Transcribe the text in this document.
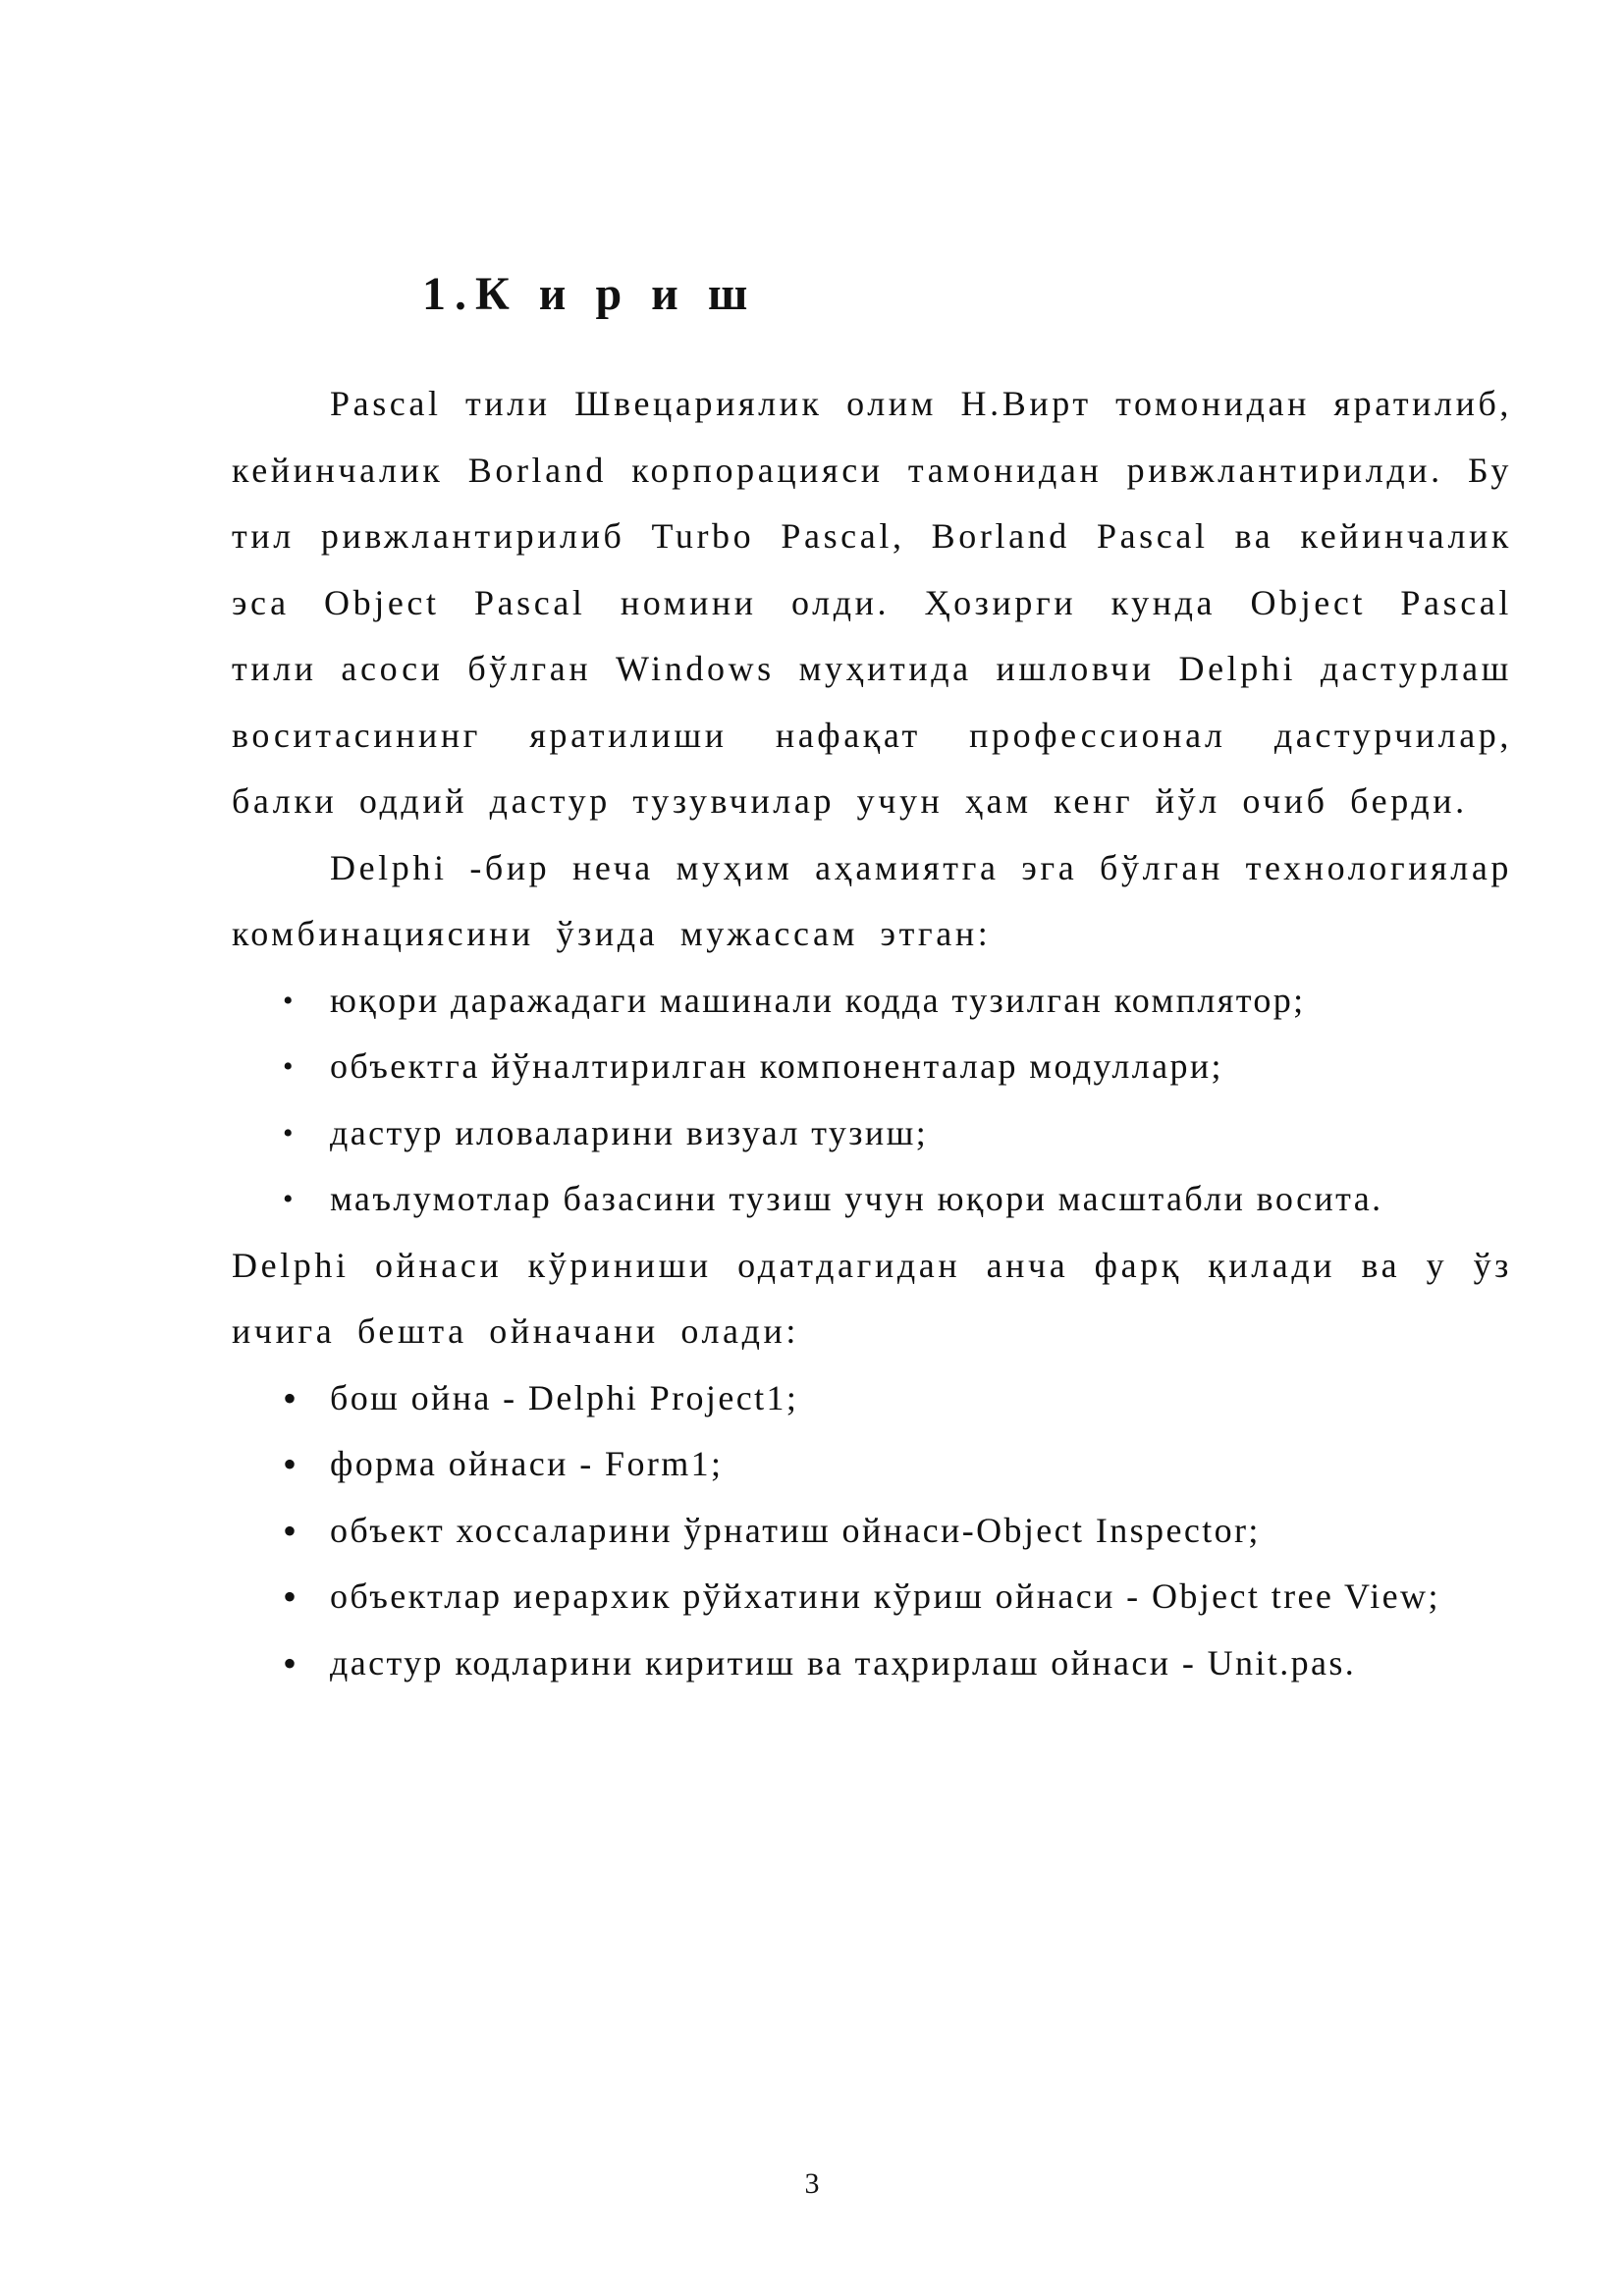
1.К и р и ш

Pascal тили Швецариялик олим Н.Вирт томонидан яратилиб, кейинчалик Borland корпорацияси тамонидан ривжлантирилди. Бу тил ривжлантирилиб Turbo Pascal, Borland Pascal ва кейинчалик эса Object Pascal номини олди. Ҳозирги кунда Object Pascal тили асоси бўлган Windows муҳитида ишловчи Delphi дастурлаш воситасининг яратилиши нафақат профессионал дастурчилар, балки оддий дастур тузувчилар учун ҳам кенг йўл очиб берди.

Delphi -бир неча муҳим аҳамиятга эга бўлган технологиялар комбинациясини ўзида мужассам этган:

• юқори даражадаги машинали кодда тузилган комплятор;
• объектга йўналтирилган компоненталар модуллари;
• дастур иловаларини визуал тузиш;
• маълумотлар базасини тузиш учун юқори масштабли восита.

Delphi ойнаси кўриниши одатдагидан анча фарқ қилади ва у ўз ичига бешта ойначани олади:

• бош ойна - Delphi Project1;
• форма ойнаси - Form1;
• объект хоссаларини ўрнатиш ойнаси-Object Inspector;
• объектлар иерархик рўйхатини кўриш ойнаси - Object tree View;
• дастур кодларини киритиш ва таҳрирлаш ойнаси - Unit.pas.
3
